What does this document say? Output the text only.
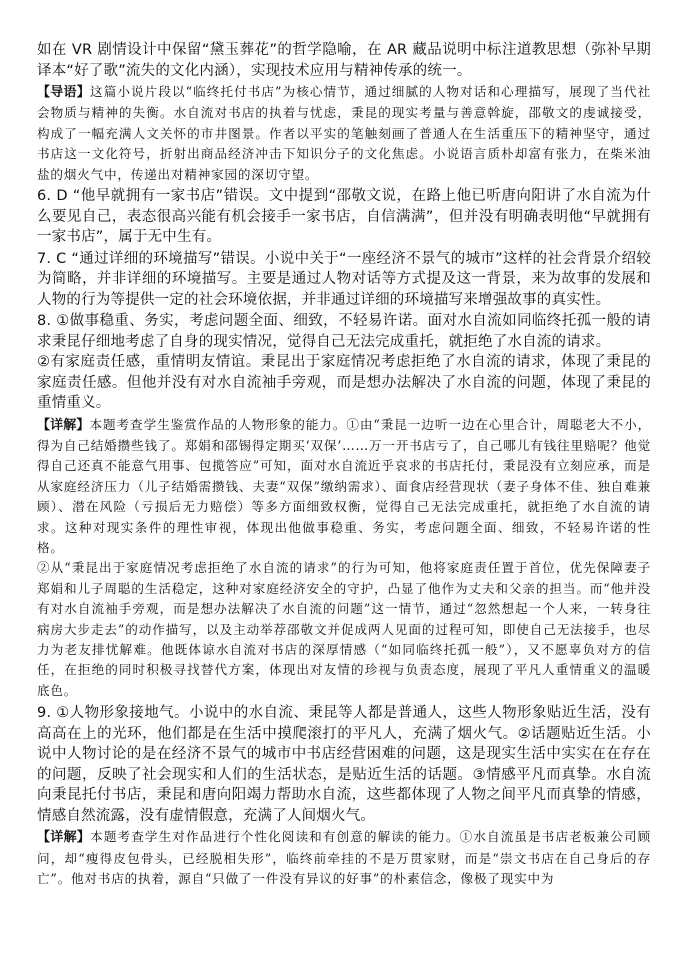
如在 VR 剧情设计中保留“黛玉葬花”的哲学隐喻，在 AR 藏品说明中标注道教思想（弥补早期译本“好了歌”流失的文化内涵），实现技术应用与精神传承的统一。

【导语】这篇小说片段以“临终托付书店”为核心情节，通过细腻的人物对话和心理描写，展现了当代社会物质与精神的失衡。水自流对书店的执着与忧虑，秉昆的现实考量与善意斡旋，邵敬文的虔诚接受，构成了一幅充满人文关怀的市井图景。作者以平实的笔触刻画了普通人在生活重压下的精神坚守，通过书店这一文化符号，折射出商品经济冲击下知识分子的文化焦虑。小说语言质朴却富有张力，在柴米油盐的烟火气中，传递出对精神家园的深切守望。

6. D “他早就拥有一家书店”错误。文中提到“邵敬文说，在路上他已听唐向阳讲了水自流为什么要见自己，表态很高兴能有机会接手一家书店，自信满满”，但并没有明确表明他“早就拥有一家书店”，属于无中生有。

7. C “通过详细的环境描写”错误。小说中关于“一座经济不景气的城市”这样的社会背景介绍较为简略，并非详细的环境描写。主要是通过人物对话等方式提及这一背景，来为故事的发展和人物的行为等提供一定的社会环境依据，并非通过详细的环境描写来增强故事的真实性。

8. ①做事稳重、务实，考虑问题全面、细致，不轻易许诺。面对水自流如同临终托孤一般的请求秉昆仔细地考虑了自身的现实情况，觉得自己无法完成重托，就拒绝了水自流的请求。

②有家庭责任感，重情明友情谊。秉昆出于家庭情况考虑拒绝了水自流的请求，体现了秉昆的家庭责任感。但他并没有对水自流袖手旁观，而是想办法解决了水自流的问题，体现了秉昆的重情重义。

【详解】本题考查学生鉴赏作品的人物形象的能力。①由“秉昆一边听一边在心里合计，周聪老大不小，得为自己结婚攒些钱了。郑娟和邵锡得定期买‘双保’……万一开书店亏了，自己哪儿有钱往里赔呢？他觉得自己还真不能意气用事、包揽答应”可知，面对水自流近乎哀求的书店托付，秉昆没有立刻应承，而是从家庭经济压力（儿子结婚需攒钱、夫妻“双保”缴纳需求）、面食店经营现状（妻子身体不佳、独自难兼顾）、潜在风险（亏损后无力赔偿）等多方面细致权衡，觉得自己无法完成重托，就拒绝了水自流的请求。这种对现实条件的理性审视，体现出他做事稳重、务实，考虑问题全面、细致，不轻易许诺的性格。

②从“秉昆出于家庭情况考虑拒绝了水自流的请求”的行为可知，他将家庭责任置于首位，优先保障妻子郑娟和儿子周聪的生活稳定，这种对家庭经济安全的守护，凸显了他作为丈夫和父亲的担当。而“他并没有对水自流袖手旁观，而是想办法解决了水自流的问题”这一情节，通过“忽然想起一个人来，一转身往病房大步走去”的动作描写，以及主动举荐邵敬文并促成两人见面的过程可知，即使自己无法接手，也尽力为老友排忧解难。他既体谅水自流对书店的深厚情感（“如同临终托孤一般”），又不愿辜负对方的信任，在拒绝的同时积极寻找替代方案，体现出对友情的珍视与负责态度，展现了平凡人重情重义的温暖底色。

9. ①人物形象接地气。小说中的水自流、秉昆等人都是普通人，这些人物形象贴近生活，没有高高在上的光环，他们都是在生活中摸爬滚打的平凡人，充满了烟火气。②话题贴近生活。小说中人物讨论的是在经济不景气的城市中书店经营困难的问题，这是现实生活中实实在在存在的问题，反映了社会现实和人们的生活状态，是贴近生活的话题。③情感平凡而真挚。水自流向秉昆托付书店，秉昆和唐向阳竭力帮助水自流，这些都体现了人物之间平凡而真挚的情感，情感自然流露，没有虚情假意，充满了人间烟火气。

【详解】本题考查学生对作品进行个性化阅读和有创意的解读的能力。①水自流虽是书店老板兼公司顾问，却“瘦得皮包骨头，已经脱相失形”，临终前牵挂的不是万贯家财，而是“崇文书店在自己身后的存亡”。他对书店的执着，源自“只做了一件没有异议的好事”的朴素信念，像极了现实中为
